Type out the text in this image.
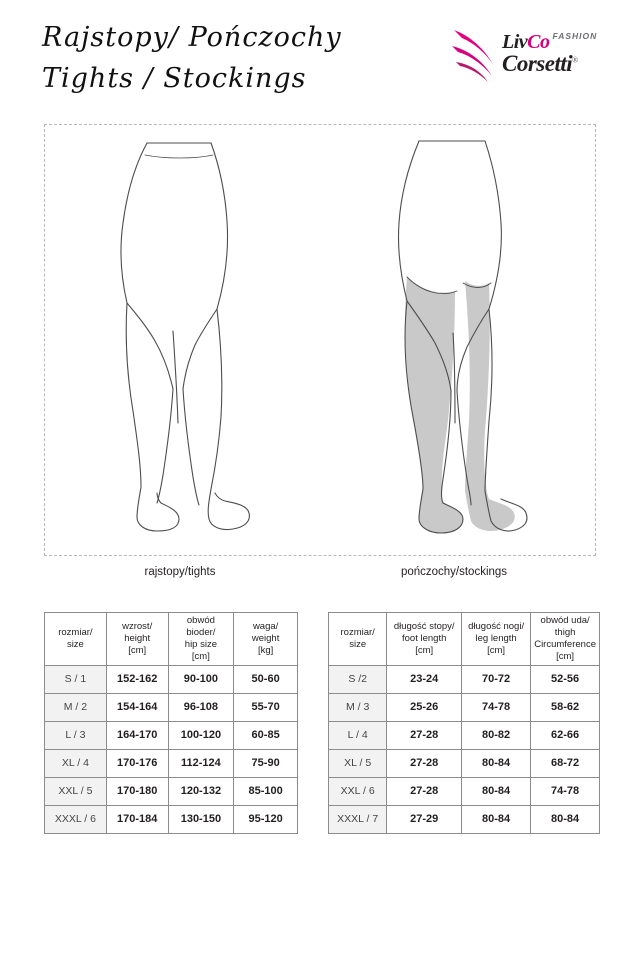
Rajstopy/ Pończochy
Tights / Stockings
LivCo $^{FASHION}$ Corsetti®
rajstopy/tights	pończochy/stockings
rozmiar/
size	wzrost/
height
[cm]	obwód bioder/
hip size
[cm]	waga/
weight
[kg]

S / 1	152-162	90-100	50-60
M / 2	154-164	96-108	55-70
L / 3	164-170	100-120	60-85
XL / 4	170-176	112-124	75-90
XXL / 5	170-180	120-132	85-100
XXXL / 6	170-184	130-150	95-120
rozmiar/
size	długość stopy/
foot length
[cm]	długość nogi/
leg length
[cm]	obwód uda/
thigh
Circumference
[cm]

S /2	23-24	70-72	52-56
M / 3	25-26	74-78	58-62
L / 4	27-28	80-82	62-66
XL / 5	27-28	80-84	68-72
XXL / 6	27-28	80-84	74-78
XXXL / 7	27-29	80-84	80-84
